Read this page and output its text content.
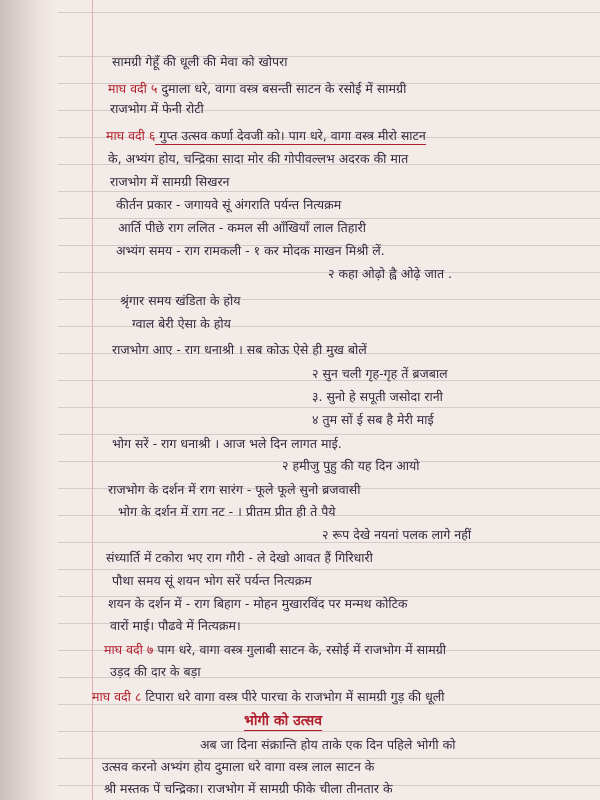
सामग्री गेहूँ की धूली की मेवा को खोपरा
माघ वदी ५ दुमाला धरे, वागा वस्त्र बसन्ती साटन के रसोई में सामग्री
राजभोग में फेनी रोटी
माघ वदी ६ गुप्त उत्सव कर्णा देवजी को। पाग धरे, वागा वस्त्र मीरो साटन
के, अभ्यंग होय, चन्द्रिका सादा मोर की गोपीवल्लभ अदरक की मात
राजभोग में सामग्री सिखरन
कीर्तन प्रकार - जगायवे सूं अंगराति पर्यन्त नित्यक्रम
आर्ति पीछे राग ललित - कमल सी आँखियाँ लाल तिहारी
अभ्यंग समय - राग रामकली - १ कर मोदक माखन मिश्री लें.
२ कहा ओढ़ो ह्वै ओढ़े जात .
श्रृंगार समय खंडिता के होय
ग्वाल बेरी ऐसा के होय
राजभोग आए - राग धनाश्री । सब कोऊ ऐसे ही मुख बोलें
२ सुन चली गृह-गृह तें ब्रजबाल
३. सुनो हे सपूती जसोदा रानी
४ तुम सों ई सब है मेरी माई
भोग सरें - राग धनाश्री । आज भले दिन लागत माई.
२ हमीजु पुहु की यह दिन आयो
राजभोग के दर्शन में राग सारंग - फूले फूले सुनो ब्रजवासी
भोग के दर्शन में राग नट - । प्रीतम प्रीत ही ते पैये
२ रूप देखे नयनां पलक लागे नहीं
संध्यार्ति में टकोरा भए राग गौरी - ले देखो आवत हैं गिरिधारी
पौथा समय सूं शयन भोग सरें पर्यन्त नित्यक्रम
शयन के दर्शन में - राग बिहाग - मोहन मुखारविंद पर मन्मथ कोटिक
वारों माई। पौढवे में नित्यक्रम।
माघ वदी ७ पाग धरे, वागा वस्त्र गुलाबी साटन के, रसोई में राजभोग में सामग्री
उड़द की दार के बड़ा
माघ वदी ८ टिपारा धरे वागा वस्त्र पीरे पारचा के राजभोग में सामग्री गुड़ की धूली
भोगी को उत्सव
अब जा दिना संक्रान्ति होय ताके एक दिन पहिले भोगी को
उत्सव करनो अभ्यंग होय दुमाला धरे वागा वस्त्र लाल साटन के
श्री मस्तक पें चन्द्रिका। राजभोग में सामग्री फीके चीला तीनतार के
